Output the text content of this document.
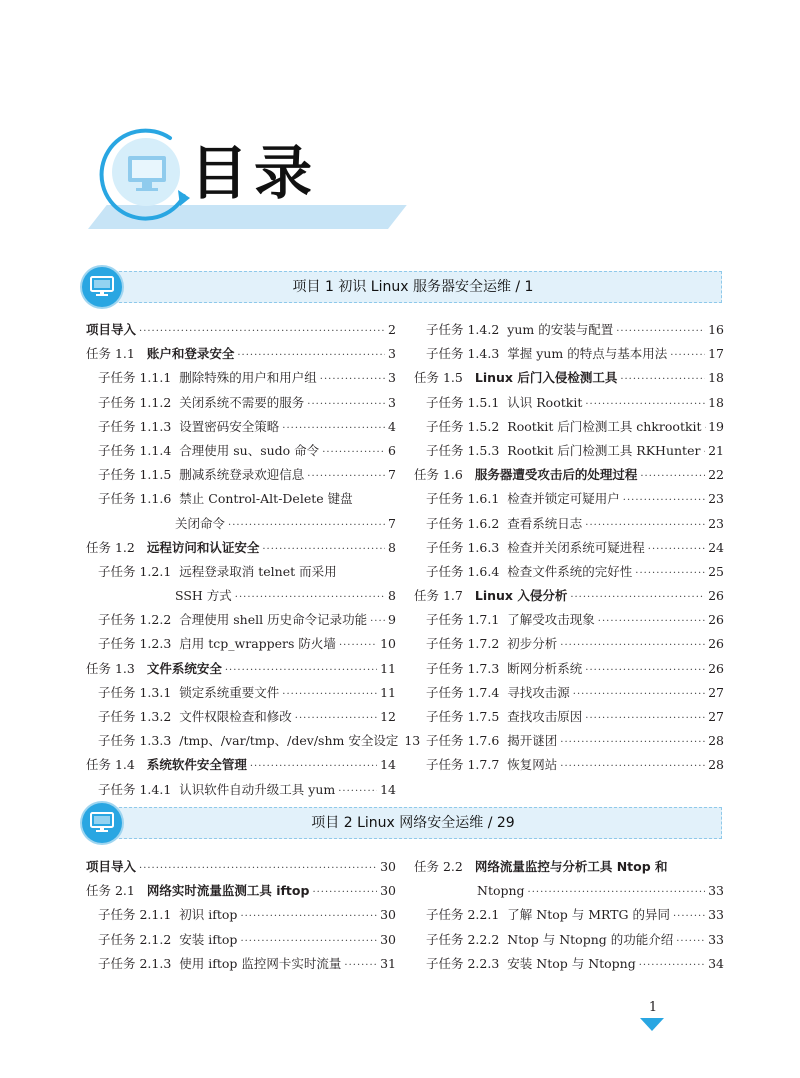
目录
项目 1 初识 Linux 服务器安全运维 / 1
项目导入 ·····	2
任务 1.1 账户和登录安全 ·····	3
子任务 1.1.1 删除特殊的用户和用户组 ·····	3
子任务 1.1.2 关闭系统不需要的服务 ·····	3
子任务 1.1.3 设置密码安全策略 ·····	4
子任务 1.1.4 合理使用 su、sudo 命令 ·····	6
子任务 1.1.5 删减系统登录欢迎信息 ·····	7
子任务 1.1.6 禁止 Control-Alt-Delete 键盘
关闭命令 ·····	7
任务 1.2 远程访问和认证安全 ·····	8
子任务 1.2.1 远程登录取消 telnet 而采用
SSH 方式 ·····	8
子任务 1.2.2 合理使用 shell 历史命令记录功能 ····· 9
子任务 1.2.3 启用 tcp_wrappers 防火墙 ·····	10
任务 1.3 文件系统安全 ·····	11
子任务 1.3.1 锁定系统重要文件 ·····	11
子任务 1.3.2 文件权限检查和修改 ·····	12
子任务 1.3.3 /tmp、/var/tmp、/dev/shm 安全设定 13
任务 1.4 系统软件安全管理 ·····	14
子任务 1.4.1 认识软件自动升级工具 yum ·····	14
子任务 1.4.2 yum 的安装与配置 ·····	16
子任务 1.4.3 掌握 yum 的特点与基本用法 ·····	17
任务 1.5 Linux 后门入侵检测工具 ·····	18
子任务 1.5.1 认识 Rootkit ·····	18
子任务 1.5.2 Rootkit 后门检测工具 chkrootkit ····· 19
子任务 1.5.3 Rootkit 后门检测工具 RKHunter ····· 21
任务 1.6 服务器遭受攻击后的处理过程 ·····	22
子任务 1.6.1 检查并锁定可疑用户 ·····	23
子任务 1.6.2 查看系统日志 ·····	23
子任务 1.6.3 检查并关闭系统可疑进程 ·····	24
子任务 1.6.4 检查文件系统的完好性 ·····	25
任务 1.7 Linux 入侵分析 ·····	26
子任务 1.7.1 了解受攻击现象 ·····	26
子任务 1.7.2 初步分析 ·····	26
子任务 1.7.3 断网分析系统 ·····	26
子任务 1.7.4 寻找攻击源 ·····	27
子任务 1.7.5 查找攻击原因 ·····	27
子任务 1.7.6 揭开谜团 ·····	28
子任务 1.7.7 恢复网站 ·····	28
项目 2 Linux 网络安全运维 / 29
项目导入 ·····	30
任务 2.1 网络实时流量监测工具 iftop ·····	30
子任务 2.1.1 初识 iftop ·····	30
子任务 2.1.2 安装 iftop ·····	30
子任务 2.1.3 使用 iftop 监控网卡实时流量 ·····	31
任务 2.2 网络流量监控与分析工具 Ntop 和
Ntopng ·····	33
子任务 2.2.1 了解 Ntop 与 MRTG 的异同 ·····	33
子任务 2.2.2 Ntop 与 Ntopng 的功能介绍 ·····	33
子任务 2.2.3 安装 Ntop 与 Ntopng ·····	34
1
